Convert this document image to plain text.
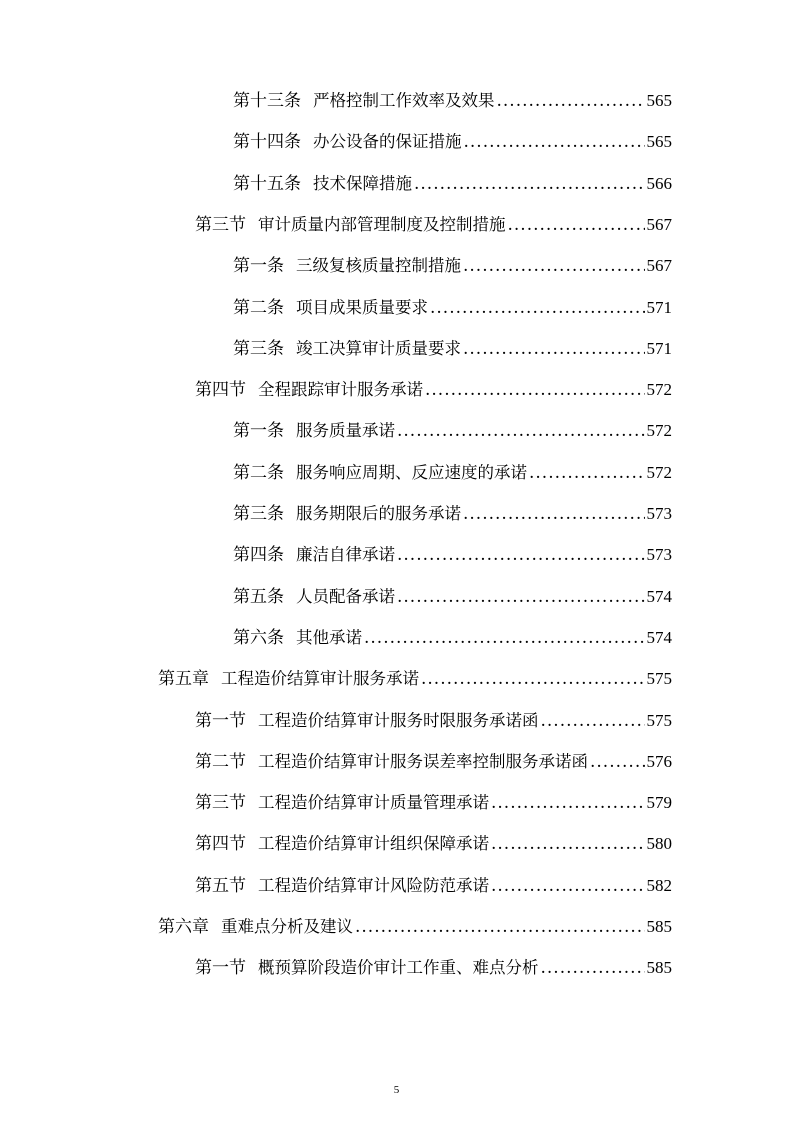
第十三条 严格控制工作效率及效果 .....	565
第十四条 办公设备的保证措施 .....	565
第十五条 技术保障措施 .....	566
第三节 审计质量内部管理制度及控制措施 .....	567
第一条 三级复核质量控制措施 .....	567
第二条 项目成果质量要求 .....	571
第三条 竣工决算审计质量要求 .....	571
第四节 全程跟踪审计服务承诺 .....	572
第一条 服务质量承诺 .....	572
第二条 服务响应周期、反应速度的承诺 .....	572
第三条 服务期限后的服务承诺 .....	573
第四条 廉洁自律承诺 .....	573
第五条 人员配备承诺 .....	574
第六条 其他承诺 .....	574
第五章 工程造价结算审计服务承诺 .....	575
第一节 工程造价结算审计服务时限服务承诺函 .....	575
第二节 工程造价结算审计服务误差率控制服务承诺函 .....	576
第三节 工程造价结算审计质量管理承诺 .....	579
第四节 工程造价结算审计组织保障承诺 .....	580
第五节 工程造价结算审计风险防范承诺 .....	582
第六章 重难点分析及建议 .....	585
第一节 概预算阶段造价审计工作重、难点分析 .....	585
5
